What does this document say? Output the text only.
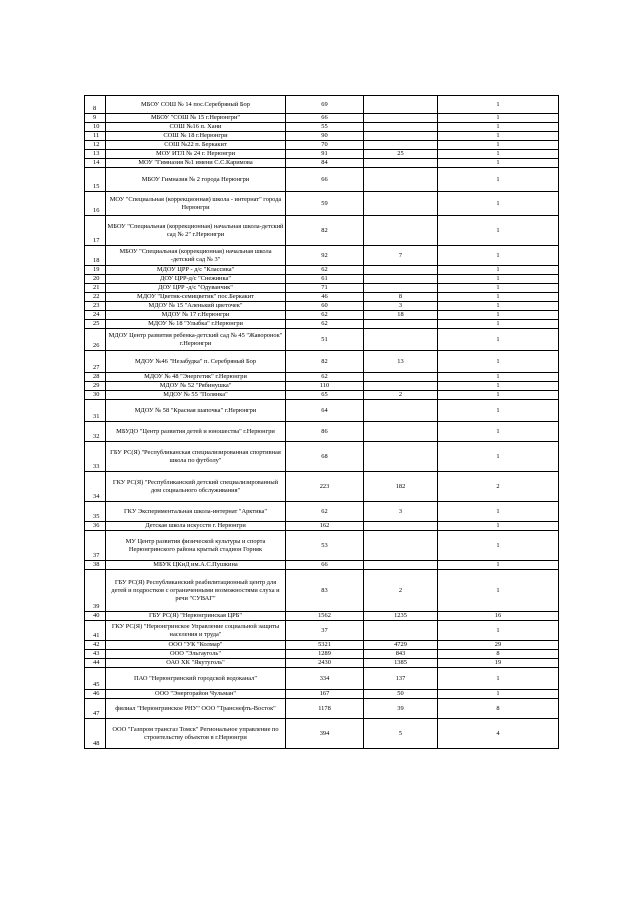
8	МБОУ СОШ № 14 пос.Серебряный Бор	69		1
9	МБОУ "СОШ № 15 г.Нерюнгри"	66		1
10	СОШ №16 п. Хани	55		1
11	СОШ № 18 г.Нерюнгри	90		1
12	СОШ №22 п. Беркакит	70		1
13	МОУ ИТЛ № 24 г. Нерюнгри	91	25	1
14	МОУ "Гимназия №1 имени С.С.Каримова	84		1
15	МБОУ Гимназия № 2 города Нерюнгри	66		1
16	МОУ "Специальная (коррекционная) школа - интернат" города Нерюнгри	59		1
17	МБОУ "Специальная (коррекционная) начальная школа-детский сад № 2" г.Нерюнгри	82		1
18	МБОУ "Специальная (коррекционная) начальная школа -детский сад № 3"	92	7	1
19	МДОУ ЦРР - д/с "Классика"	62		1
20	ДОУ ЦРР-д/с "Снежинка"	61		1
21	ДОУ ЦРР -д/с "Одуванчик"	71		1
22	МДОУ "Цветик-семицветик" пос.Беркакит	46	8	1
23	МДОУ № 15 "Аленький цветочек"	60	3	1
24	МДОУ № 17 г.Нерюнгри	62	18	1
25	МДОУ № 18 "Улыбка" г.Нерюнгри	62		1
26	МДОУ Центр развития ребенка-детский сад № 45 "Жаворонок" г.Нерюнгри	51		1
27	МДОУ №46 "Незабудка" п. Серебряный Бор	82	13	1
28	МДОУ № 48 "Энергетик" г.Нерюнгри	62		1
29	МДОУ № 52 "Рябинушка"	110		1
30	МДОУ № 55 "Полянка"	65	2	1
31	МДОУ № 58 "Красная шапочка" г.Нерюнгри	64		1
32	МБУДО "Центр развития детей и юношества" г.Нерюнгри	86		1
33	ГБУ РС(Я) "Республиканская специализированная спортивная школа по футболу"	68		1
34	ГКУ РС(Я) "Республиканский детский специализированный дом социального обслуживания"	223	182	2
35	ГКУ Экспериментальная школа-интернат "Арктика"	62	3	1
36	Детская школа искусств г. Нерюнгри	162		1
37	МУ Центр развития физической культуры и спорта Нерюнгринского района крытый стадион Горняк	53		1
38	МБУК ЦКиД им.А.С.Пушкина	66		1
39	ГБУ РС(Я) Республиканский реабилитационный центр для детей и подростков с ограниченными возможностями слуха и речи "СУВАГ"	83	2	1
40	ГБУ РС(Я) "Нерюнгринская ЦРБ"	1562	1235	16
41	ГКУ РС(Я) "Нерюнгринское Управление социальной защиты населения и труда"	37		1
42	ООО "УК "Колмар"	5321	4729	29
43	ООО "Эльгауголь"	1289	843	8
44	ОАО ХК "Якутуголь"	2430	1385	19
45	ПАО "Нерюнгринский городской водоканал"	334	137	1
46	ООО "Энергорайон Чульман"	167	50	1
47	филиал "Нерюнгринское РНУ" ООО "Транснефть-Восток"	1178	39	8
48	ООО "Газпром трансгаз Томск" Региональное управление по строительству объектов в г.Нерюнгри	394	5	4
